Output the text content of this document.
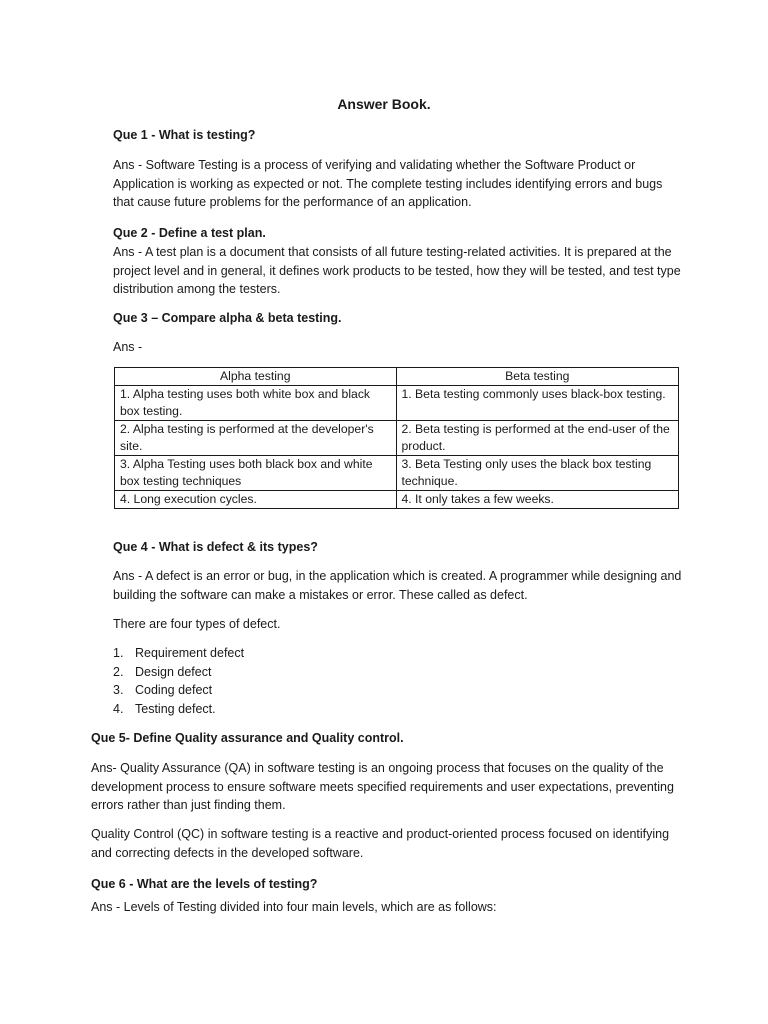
Answer Book.
Que 1 - What is testing?
Ans - Software Testing is a process of verifying and validating whether the Software Product or Application is working as expected or not. The complete testing includes identifying errors and bugs that cause future problems for the performance of an application.
Que 2 - Define a test plan.
Ans - A test plan is a document that consists of all future testing-related activities. It is prepared at the project level and in general, it defines work products to be tested, how they will be tested, and test type distribution among the testers.
Que 3 – Compare alpha & beta testing.
Ans -
Alpha testing	Beta testing
1. Alpha testing uses both white box and black box testing.	1. Beta testing commonly uses black-box testing.
2. Alpha testing is performed at the developer's site.	2. Beta testing is performed at the end-user of the product.
3. Alpha Testing uses both black box and white box testing techniques	3. Beta Testing only uses the black box testing technique.
4. Long execution cycles.	4. It only takes a few weeks.
Que 4 - What is defect & its types?
Ans - A defect is an error or bug, in the application which is created. A programmer while designing and building the software can make a mistakes or error. These called as defect.
There are four types of defect.
1. Requirement defect
2. Design defect
3. Coding defect
4. Testing defect.
Que 5- Define Quality assurance and Quality control.
Ans- Quality Assurance (QA) in software testing is an ongoing process that focuses on the quality of the development process to ensure software meets specified requirements and user expectations, preventing errors rather than just finding them.
Quality Control (QC) in software testing is a reactive and product-oriented process focused on identifying and correcting defects in the developed software.
Que 6 - What are the levels of testing?
Ans - Levels of Testing divided into four main levels, which are as follows:
